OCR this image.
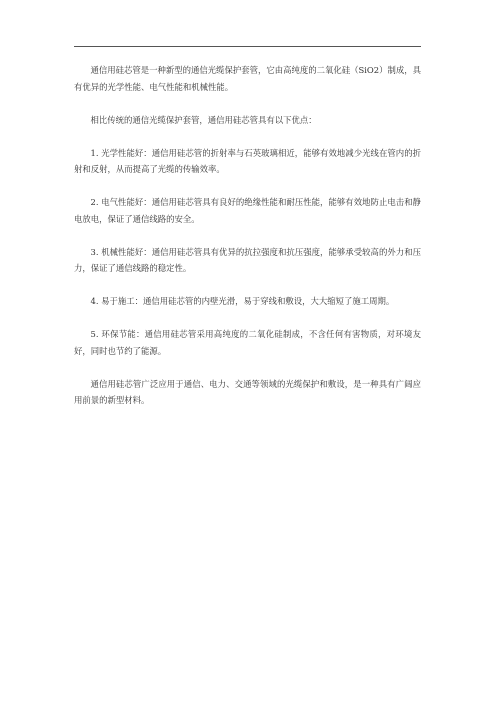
通信用硅芯管是一种新型的通信光缆保护套管，它由高纯度的二氧化硅（SiO2）制成，具有优异的光学性能、电气性能和机械性能。

相比传统的通信光缆保护套管，通信用硅芯管具有以下优点：

1. 光学性能好：通信用硅芯管的折射率与石英玻璃相近，能够有效地减少光线在管内的折射和反射，从而提高了光缆的传输效率。

2. 电气性能好：通信用硅芯管具有良好的绝缘性能和耐压性能，能够有效地防止电击和静电放电，保证了通信线路的安全。

3. 机械性能好：通信用硅芯管具有优异的抗拉强度和抗压强度，能够承受较高的外力和压力，保证了通信线路的稳定性。

4. 易于施工：通信用硅芯管的内壁光滑，易于穿线和敷设，大大缩短了施工周期。

5. 环保节能：通信用硅芯管采用高纯度的二氧化硅制成，不含任何有害物质，对环境友好，同时也节约了能源。

通信用硅芯管广泛应用于通信、电力、交通等领域的光缆保护和敷设，是一种具有广阔应用前景的新型材料。
